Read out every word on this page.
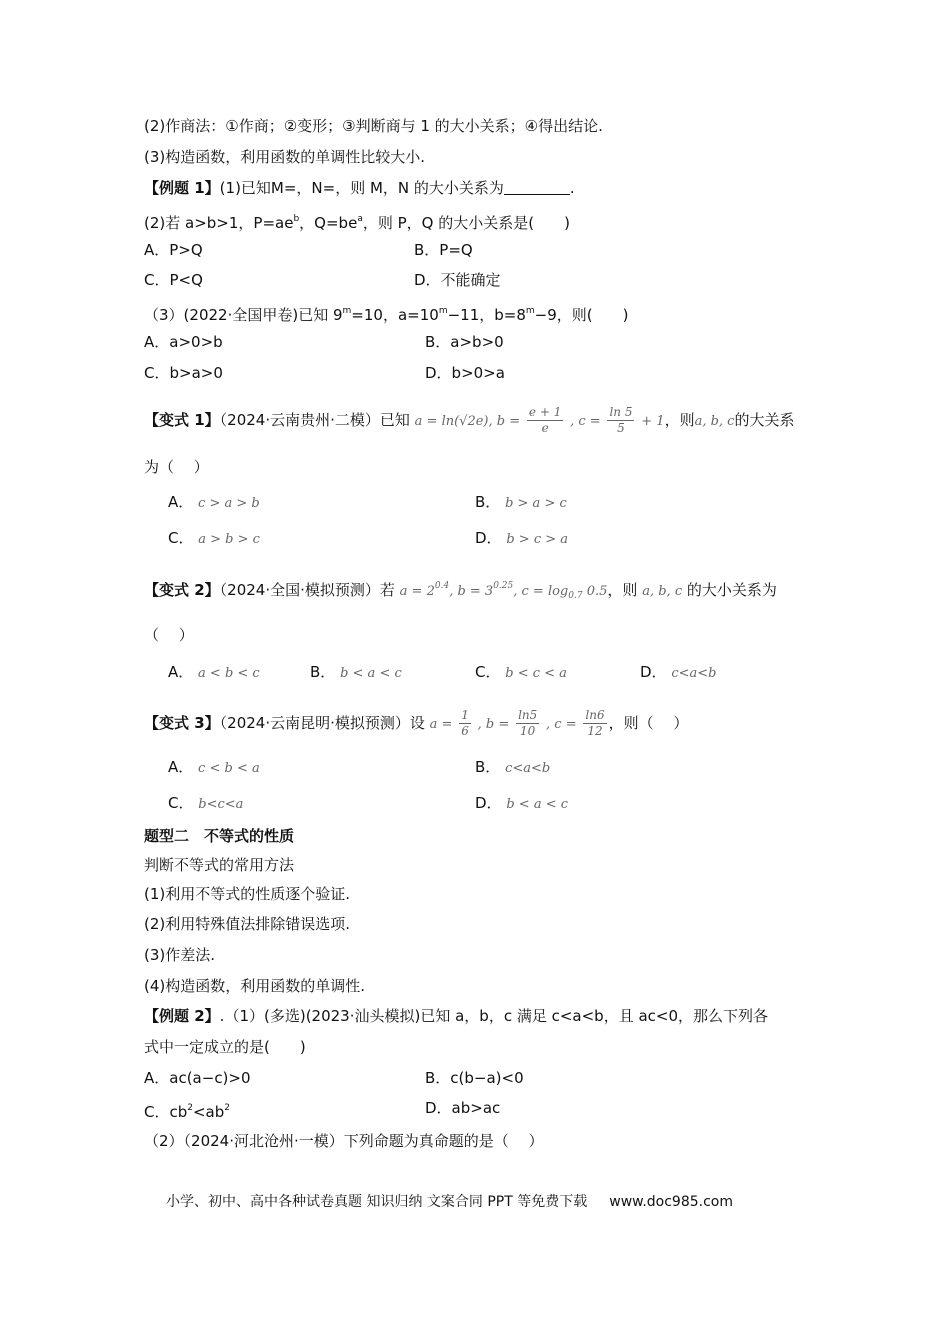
(2)作商法：①作商；②变形；③判断商与 1 的大小关系；④得出结论.
(3)构造函数，利用函数的单调性比较大小.
【例题 1】(1)已知M=，N=，则 M，N 的大小关系为	.
(2)若 a>b>1，$P=ae^b$，$Q=be^a$，则 P，Q 的大小关系是(　　)
A．P>Q	B．P=Q
C．P<Q	D．不能确定
（3）(2022·全国甲卷)已知 $9^m=10$，$a=10^m-11$，$b=8^m-9$，则(　　)
A．a>0>b	B．a>b>0
C．b>a>0	D．b>0>a
【变式 1】（2024·云南贵州·二模）已知 a = ln(√2e), $b = \frac{e + 1}{e}$ , $c = \frac{\ln 5}{5} + 1$，则a, b, c的大关系
为（　 ）
A． c > a > b	B． b > a > c
C． a > b > c	D． b > c > a
【变式 2】（2024·全国·模拟预测）若 $a = 2^{0.4}$, $b = 3^{0.25}$, $c = \log_{0.7} 0.5$，则 a, b, c 的大小关系为
（　 ）
A． a < b < c	B． b < a < c	C． b < c < a	D． c<a<b
【变式 3】（2024·云南昆明·模拟预测）设 $a = \frac{1}{6}$ , $b = \frac{\ln 5}{10}$ , $c = \frac{\ln 6}{12}$ ，则（　 ）
A． c < b < a	B． c<a<b
C． b<c<a	D． b < a < c
题型二　不等式的性质
判断不等式的常用方法
(1)利用不等式的性质逐个验证.
(2)利用特殊值法排除错误选项.
(3)作差法.
(4)构造函数，利用函数的单调性.
【例题 2】.（1）(多选)(2023·汕头模拟)已知 a，b，c 满足 c<a<b，且 ac<0，那么下列各
式中一定成立的是(　　)
A．ac(a−c)>0	B．c(b−a)<0
C．$cb^2<ab^2$	D．ab>ac
（2）（2024·河北沧州·一模）下列命题为真命题的是（　 ）
小学、初中、高中各种试卷真题 知识归纳 文案合同 PPT 等免费下载 www.doc985.com
